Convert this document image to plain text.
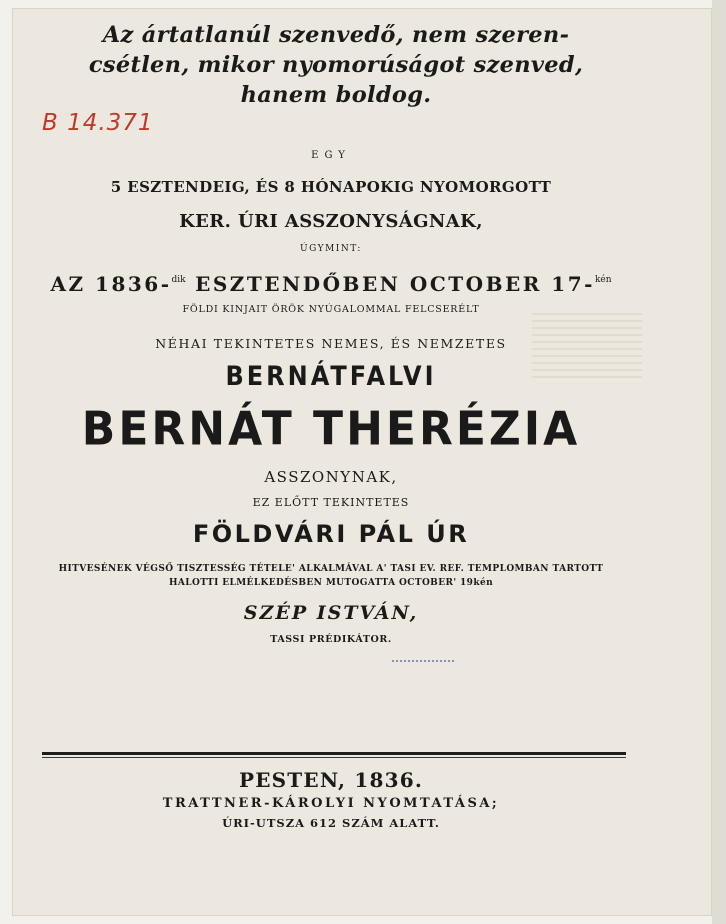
Az ártatlanúl szenvedő, nem szeren-
csétlen, mikor nyomorúságot szenved,
hanem boldog.
B 14.371
EGY
5 ESZTENDEIG, ÉS 8 HÓNAPOKIG NYOMORGOTT
KER. ÚRI ASSZONYSÁGNAK,
ÚGYMINT:
AZ 1836-$^{dik}$ ESZTENDŐBEN OCTOBER 17-$^{kén}$
FÖLDI KINJAIT ÖRÖK NYÚGALOMMAL FELCSERÉLT
NÉHAI TEKINTETES NEMES, ÉS NEMZETES
BERNÁTFALVI
BERNÁT THERÉZIA
ASSZONYNAK,
EZ ELŐTT TEKINTETES
FÖLDVÁRI PÁL ÚR
HITVESÉNEK VÉGSŐ TISZTESSÉG TÉTELE' ALKALMÁVAL A' TASI EV. REF. TEMPLOMBAN TARTOTT
HALOTTI ELMÉLKEDÉSBEN MUTOGATTA OCTOBER' 19kén
SZÉP ISTVÁN,
TASSI PRÉDIKÁTOR.
PESTEN, 1836.
TRATTNER-KÁROLYI NYOMTATÁSA;
ÚRI-UTSZA 612 SZÁM ALATT.
